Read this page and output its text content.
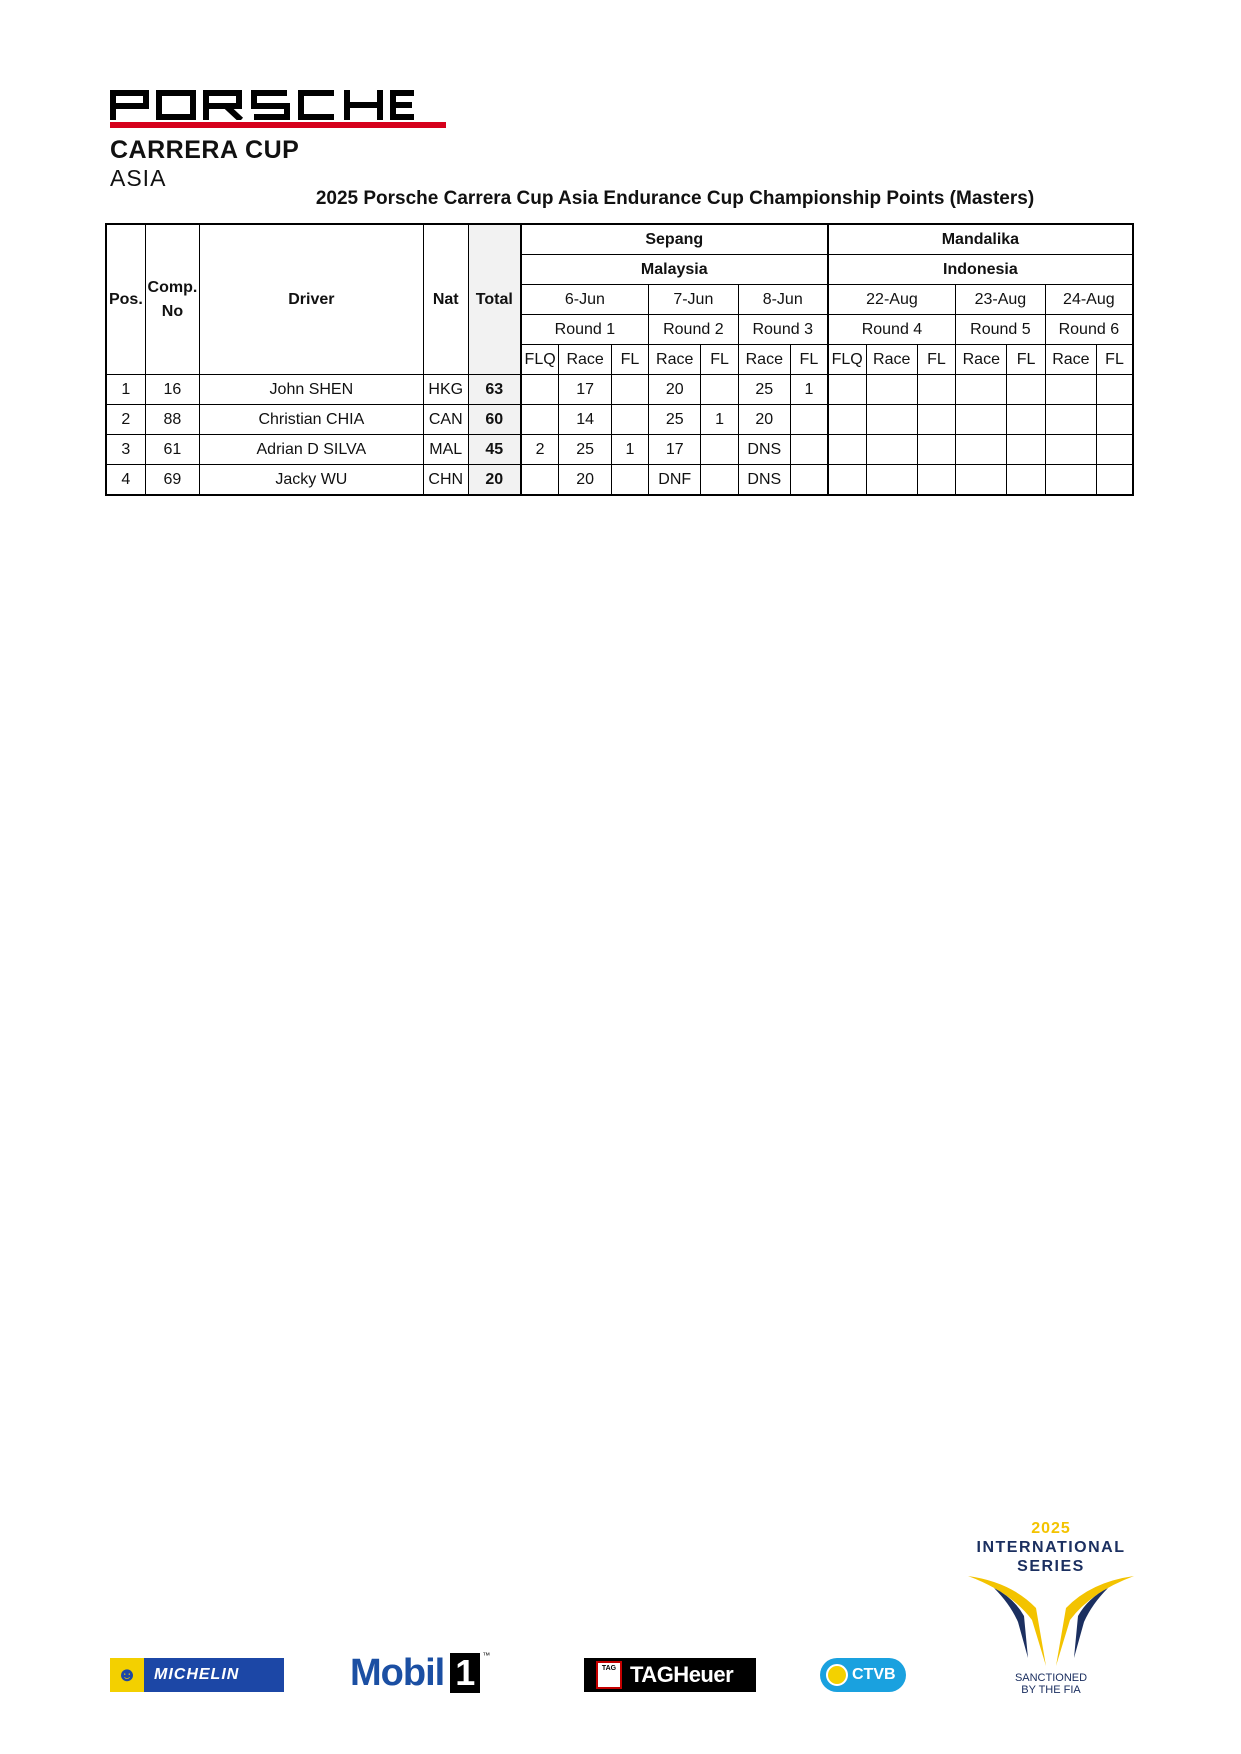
CARRERA CUP
ASIA
2025 Porsche Carrera Cup Asia Endurance Cup Championship Points (Masters)
Pos.	Comp. No	Driver	Nat	Total	Sepang							Mandalika						
					Malaysia							Indonesia						
					6-Jun			7-Jun		8-Jun		22-Aug			23-Aug		24-Aug	
					Round 1			Round 2		Round 3		Round 4			Round 5		Round 6	
					FLQ	Race	FL	Race	FL	Race	FL	FLQ	Race	FL	Race	FL	Race	FL
1	16	John SHEN	HKG	63		17		20		25	1							
2	88	Christian CHIA	CAN	60		14		25	1	20								
3	61	Adrian D SILVA	MAL	45	2	25	1	17		DNS								
4	69	Jacky WU	CHN	20		20		DNF		DNS								
☻	MICHELIN	Mobil 1 ™
TAG TAGHeuer	CTVB
2025
INTERNATIONAL
SERIES
SANCTIONED
BY THE FIA
